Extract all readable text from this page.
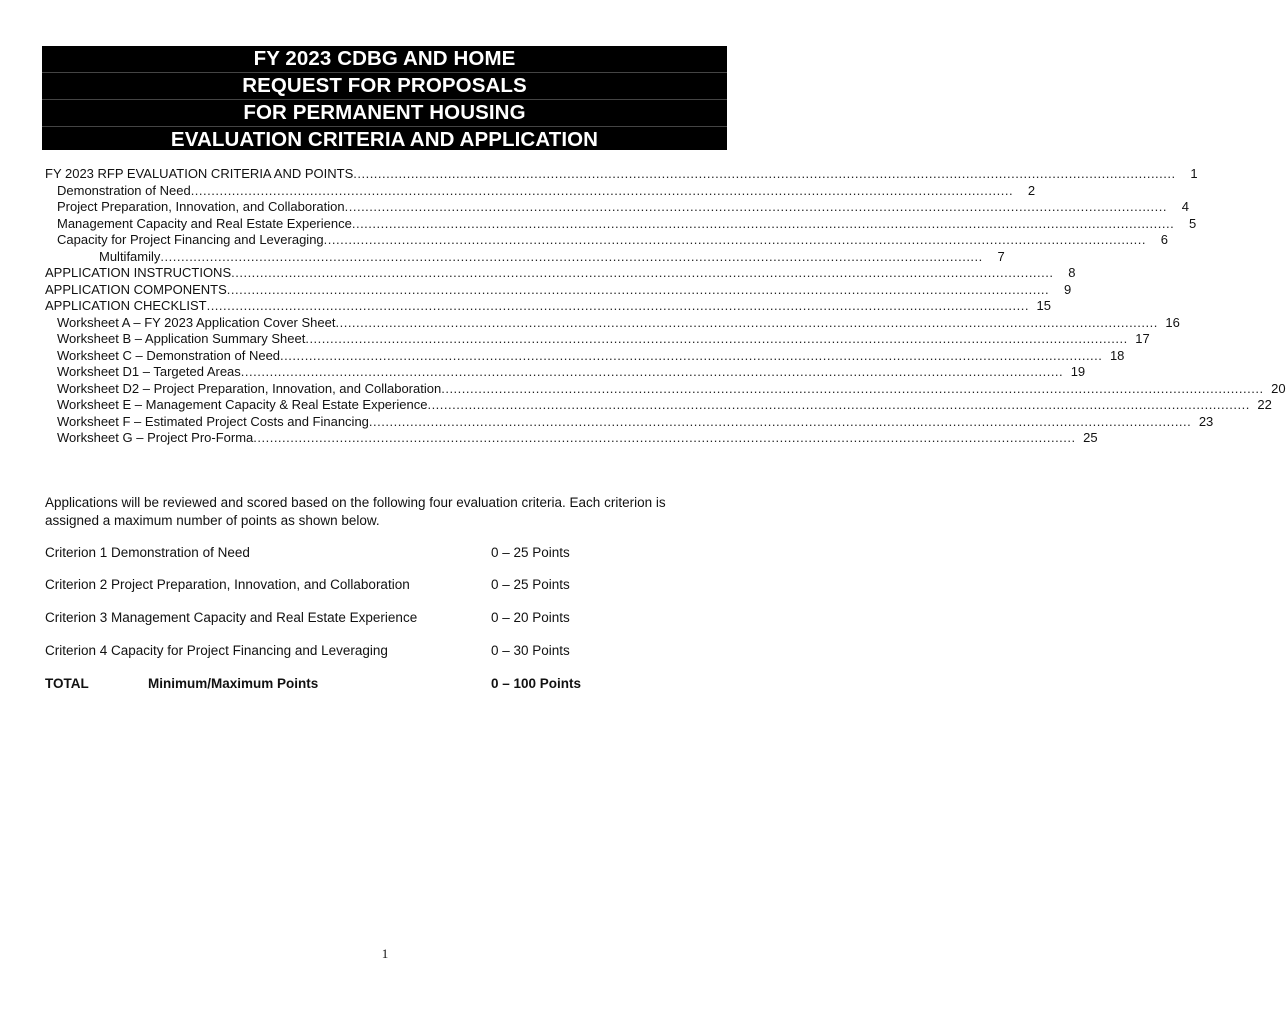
FY 2023 CDBG AND HOME
REQUEST FOR PROPOSALS
FOR PERMANENT HOUSING
EVALUATION CRITERIA AND APPLICATION
FY 2023 RFP EVALUATION CRITERIA AND POINTS ........................................................................................................................................................................................................	1
Demonstration of Need ........................................................................................................................................................................................................	2
Project Preparation, Innovation, and Collaboration ........................................................................................................................................................................................................	4
Management Capacity and Real Estate Experience ........................................................................................................................................................................................................	5
Capacity for Project Financing and Leveraging ........................................................................................................................................................................................................	6
Multifamily ........................................................................................................................................................................................................	7
APPLICATION INSTRUCTIONS ........................................................................................................................................................................................................	8
APPLICATION COMPONENTS ........................................................................................................................................................................................................	9
APPLICATION CHECKLIST ........................................................................................................................................................................................................ 15
Worksheet A – FY 2023 Application Cover Sheet ........................................................................................................................................................................................................ 16
Worksheet B – Application Summary Sheet ........................................................................................................................................................................................................ 17
Worksheet C – Demonstration of Need ........................................................................................................................................................................................................ 18
Worksheet D1 – Targeted Areas ........................................................................................................................................................................................................ 19
Worksheet D2 – Project Preparation, Innovation, and Collaboration ........................................................................................................................................................................................................ 20
Worksheet E – Management Capacity & Real Estate Experience ........................................................................................................................................................................................................ 22
Worksheet F – Estimated Project Costs and Financing ........................................................................................................................................................................................................ 23
Worksheet G – Project Pro-Forma ........................................................................................................................................................................................................ 25
Applications will be reviewed and scored based on the following four evaluation criteria. Each criterion is assigned a maximum number of points as shown below.
Criterion 1 Demonstration of Need	0 – 25 Points
Criterion 2 Project Preparation, Innovation, and Collaboration	0 – 25 Points
Criterion 3 Management Capacity and Real Estate Experience	0 – 20 Points
Criterion 4 Capacity for Project Financing and Leveraging	0 – 30 Points
TOTAL	Minimum/Maximum Points	0 – 100 Points
1
